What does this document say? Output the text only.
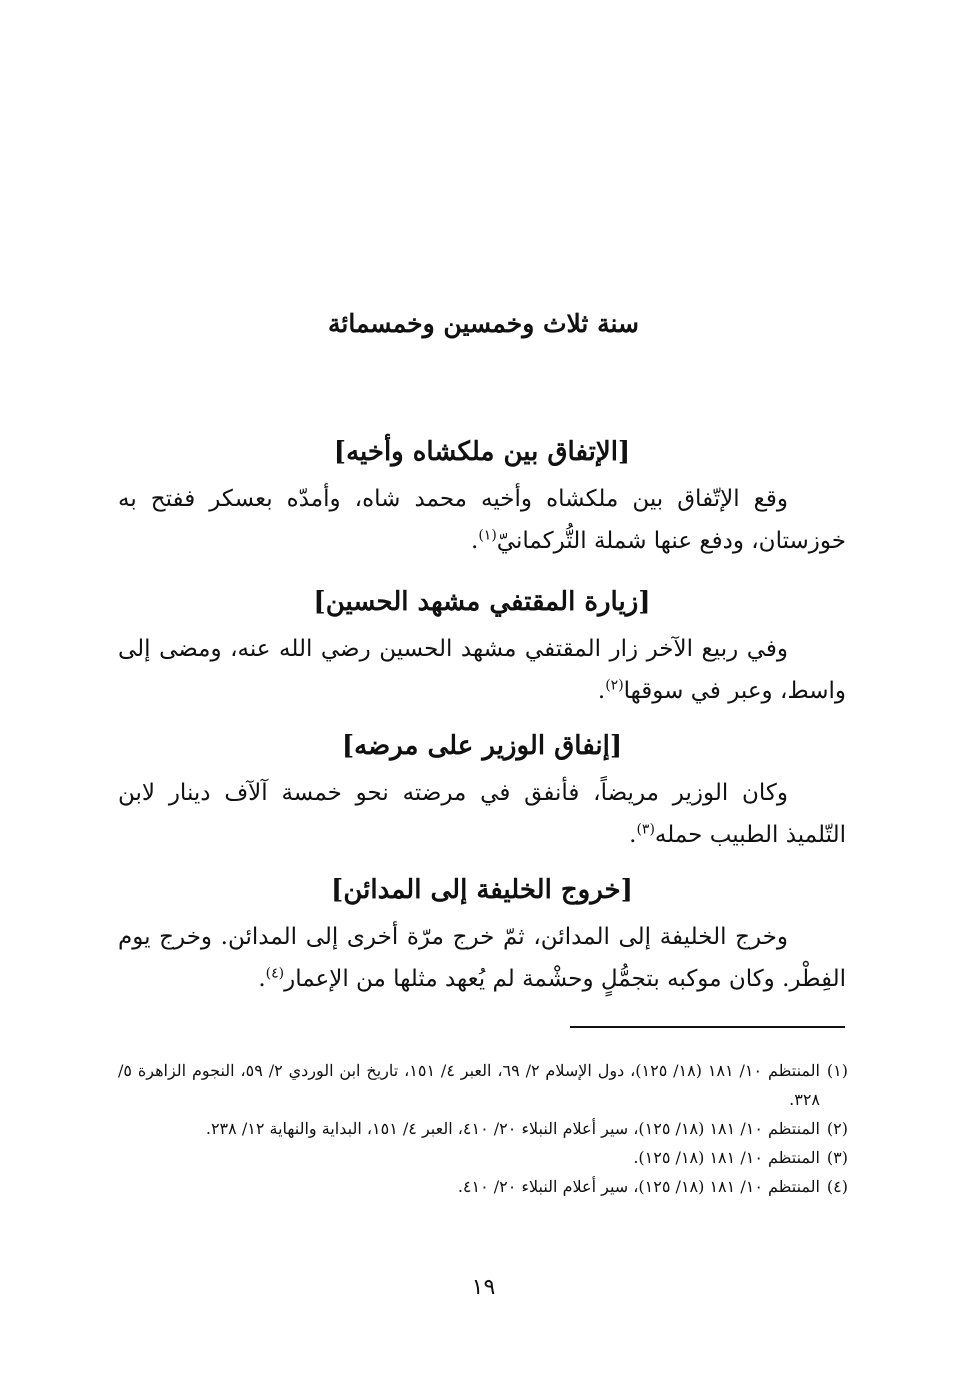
سنة ثلاث وخمسين وخمسمائة
[الإتفاق بين ملكشاه وأخيه]

وقع الإتّفاق بين ملكشاه وأخيه محمد شاه، وأمدّه بعسكر ففتح به خوزستان، ودفع عنها شملة التُّركمانيّ$^{(١)}$.

[زيارة المقتفي مشهد الحسين]

وفي ربيع الآخر زار المقتفي مشهد الحسين رضي الله عنه، ومضى إلى واسط، وعبر في سوقها$^{(٢)}$.

[إنفاق الوزير على مرضه]

وكان الوزير مريضاً، فأنفق في مرضته نحو خمسة آلآف دينار لابن التّلميذ الطبيب حمله$^{(٣)}$.

[خروج الخليفة إلى المدائن]

وخرج الخليفة إلى المدائن، ثمّ خرج مرّة أخرى إلى المدائن. وخرج يوم الفِطْر. وكان موكبه بتجمُّلٍ وحشْمة لم يُعهد مثلها من الإعمار$^{(٤)}$.

(١)
المنتظم ١٠/ ١٨١ (١٨/ ١٢٥)، دول الإسلام ٢/ ٦٩، العبر ٤/ ١٥١، تاريخ ابن الوردي ٢/ ٥٩، النجوم الزاهرة ٥/ ٣٢٨.
(٢)
المنتظم ١٠/ ١٨١ (١٨/ ١٢٥)، سير أعلام النبلاء ٢٠/ ٤١٠، العبر ٤/ ١٥١، البداية والنهاية ١٢/ ٢٣٨.
(٣)
المنتظم ١٠/ ١٨١ (١٨/ ١٢٥).
(٤)
المنتظم ١٠/ ١٨١ (١٨/ ١٢٥)، سير أعلام النبلاء ٢٠/ ٤١٠.
١٩
